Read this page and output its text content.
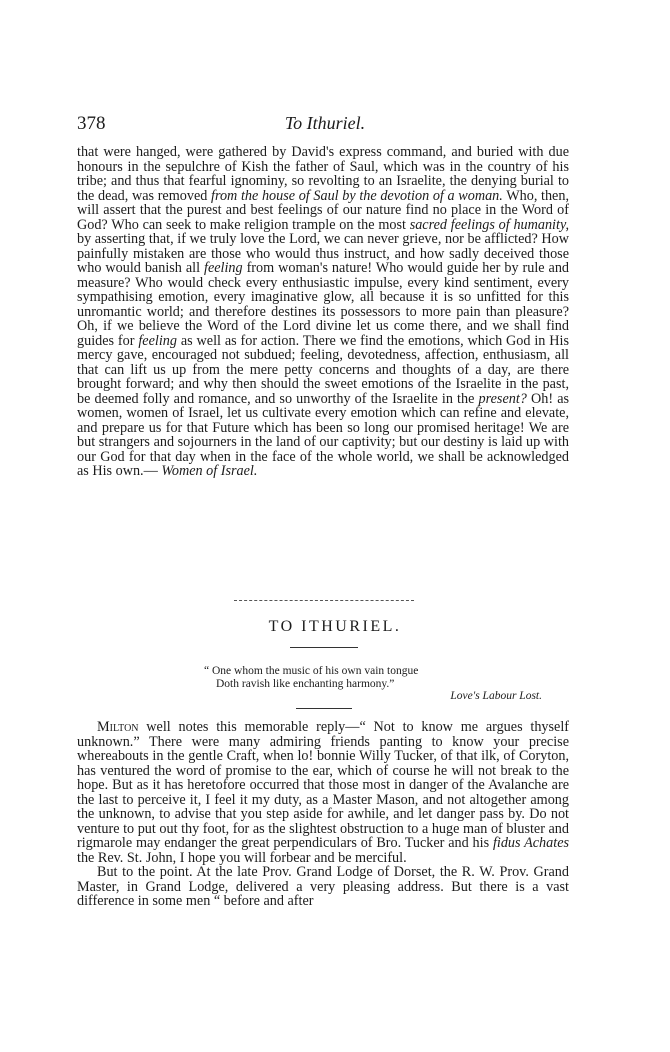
378	To Ithuriel.
that were hanged, were gathered by David's express command, and buried with due honours in the sepulchre of Kish the father of Saul, which was in the country of his tribe; and thus that fearful ignominy, so revolting to an Israelite, the denying burial to the dead, was removed from the house of Saul by the devotion of a woman. Who, then, will assert that the purest and best feelings of our nature find no place in the Word of God? Who can seek to make religion trample on the most sacred feelings of humanity, by asserting that, if we truly love the Lord, we can never grieve, nor be afflicted? How painfully mistaken are those who would thus instruct, and how sadly deceived those who would banish all feeling from woman's nature! Who would guide her by rule and measure? Who would check every enthusiastic impulse, every kind sentiment, every sympathising emotion, every imaginative glow, all because it is so unfitted for this unromantic world; and therefore destines its possessors to more pain than pleasure? Oh, if we believe the Word of the Lord divine let us come there, and we shall find guides for feeling as well as for action. There we find the emotions, which God in His mercy gave, encouraged not subdued; feeling, devotedness, affection, enthusiasm, all that can lift us up from the mere petty concerns and thoughts of a day, are there brought forward; and why then should the sweet emotions of the Israelite in the past, be deemed folly and romance, and so unworthy of the Israelite in the present? Oh! as women, women of Israel, let us cultivate every emotion which can refine and elevate, and prepare us for that Future which has been so long our promised heritage! We are but strangers and sojourners in the land of our captivity; but our destiny is laid up with our God for that day when in the face of the whole world, we shall be acknowledged as His own.— Women of Israel.
TO ITHURIEL.
“ One whom the music of his own vain tongue
Doth ravish like enchanting harmony.”
Love's Labour Lost.

Milton well notes this memorable reply—“ Not to know me argues thyself unknown.” There were many admiring friends panting to know your precise whereabouts in the gentle Craft, when lo! bonnie Willy Tucker, of that ilk, of Coryton, has ventured the word of promise to the ear, which of course he will not break to the hope. But as it has heretofore occurred that those most in danger of the Avalanche are the last to perceive it, I feel it my duty, as a Master Mason, and not altogether among the unknown, to advise that you step aside for awhile, and let danger pass by. Do not venture to put out thy foot, for as the slightest obstruction to a huge man of bluster and rigmarole may endanger the great perpendiculars of Bro. Tucker and his fidus Achates the Rev. St. John, I hope you will forbear and be merciful.

But to the point. At the late Prov. Grand Lodge of Dorset, the R. W. Prov. Grand Master, in Grand Lodge, delivered a very pleasing address. But there is a vast difference in some men “ before and after
